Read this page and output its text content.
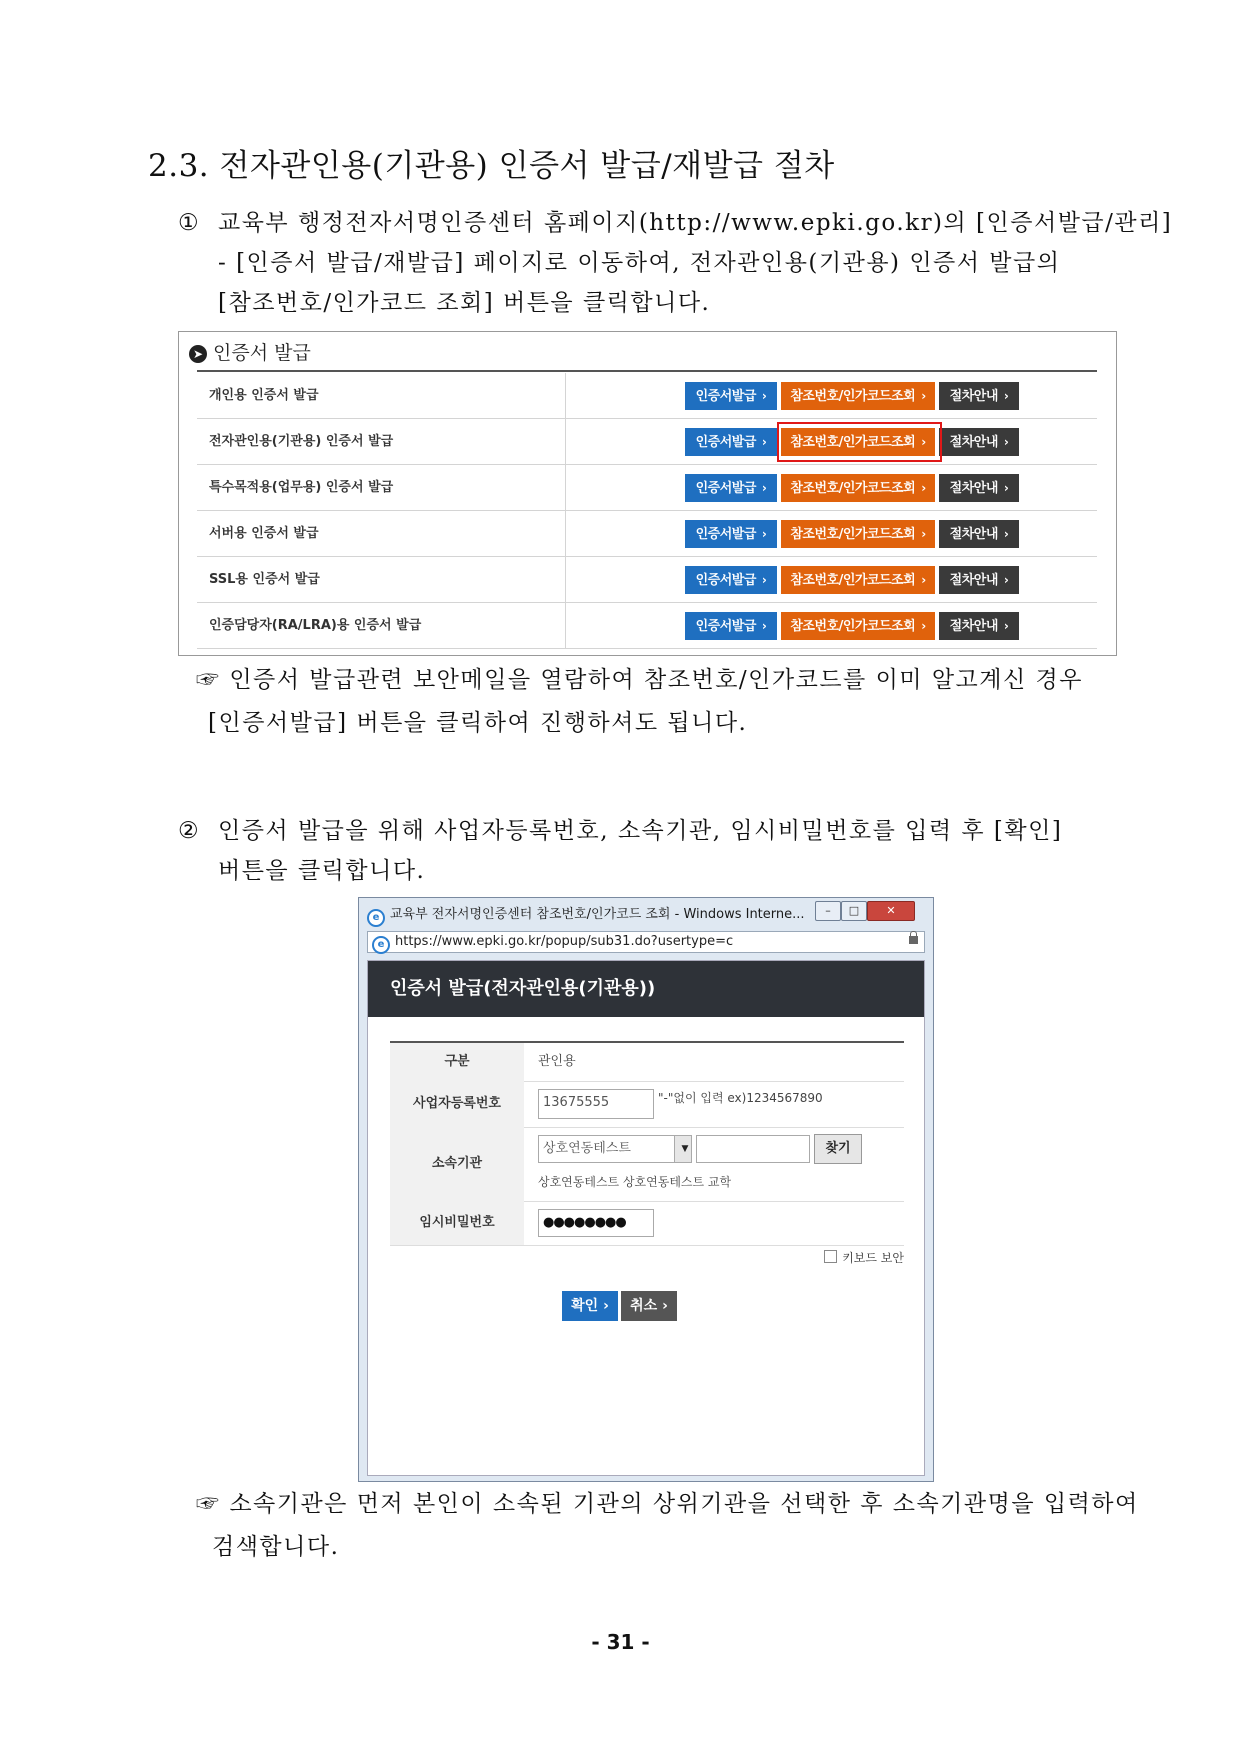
2.3. 전자관인용(기관용) 인증서 발급/재발급 절차
① 교육부 행정전자서명인증센터 홈페이지(http://www.epki.go.kr)의 [인증서발급/관리]
- [인증서 발급/재발급] 페이지로 이동하여, 전자관인용(기관용) 인증서 발급의
[참조번호/인가코드 조회] 버튼을 클릭합니다.
➤ 인증서 발급
개인용 인증서 발급	인증서발급 ›	참조번호/인가코드조회 ›	절차안내 ›
전자관인용(기관용) 인증서 발급	인증서발급 ›	참조번호/인가코드조회 ›	절차안내 ›
특수목적용(업무용) 인증서 발급	인증서발급 ›	참조번호/인가코드조회 ›	절차안내 ›
서버용 인증서 발급	인증서발급 ›	참조번호/인가코드조회 ›	절차안내 ›
SSL용 인증서 발급	인증서발급 ›	참조번호/인가코드조회 ›	절차안내 ›
인증담당자(RA/LRA)용 인증서 발급	인증서발급 ›	참조번호/인가코드조회 ›	절차안내 ›
☞ 인증서 발급관련 보안메일을 열람하여 참조번호/인가코드를 이미 알고계신 경우
[인증서발급] 버튼을 클릭하여 진행하셔도 됩니다.
② 인증서 발급을 위해 사업자등록번호, 소속기관, 임시비밀번호를 입력 후 [확인]
버튼을 클릭합니다.
e 교육부 전자서명인증센터 참조번호/인가코드 조회 - Windows Interne...	–	□	✕
e https://www.epki.go.kr/popup/sub31.do?usertype=c
인증서 발급(전자관인용(기관용))
구분	관인용
사업자등록번호	13675555	"-"없이 입력 ex)1234567890
소속기관
상호연동테스트	▼	찾기
상호연동테스트 상호연동테스트 교학
임시비밀번호	●●●●●●●●
키보드 보안
확인 ›	취소 ›
☞ 소속기관은 먼저 본인이 소속된 기관의 상위기관을 선택한 후 소속기관명을 입력하여
검색합니다.
- 31 -
